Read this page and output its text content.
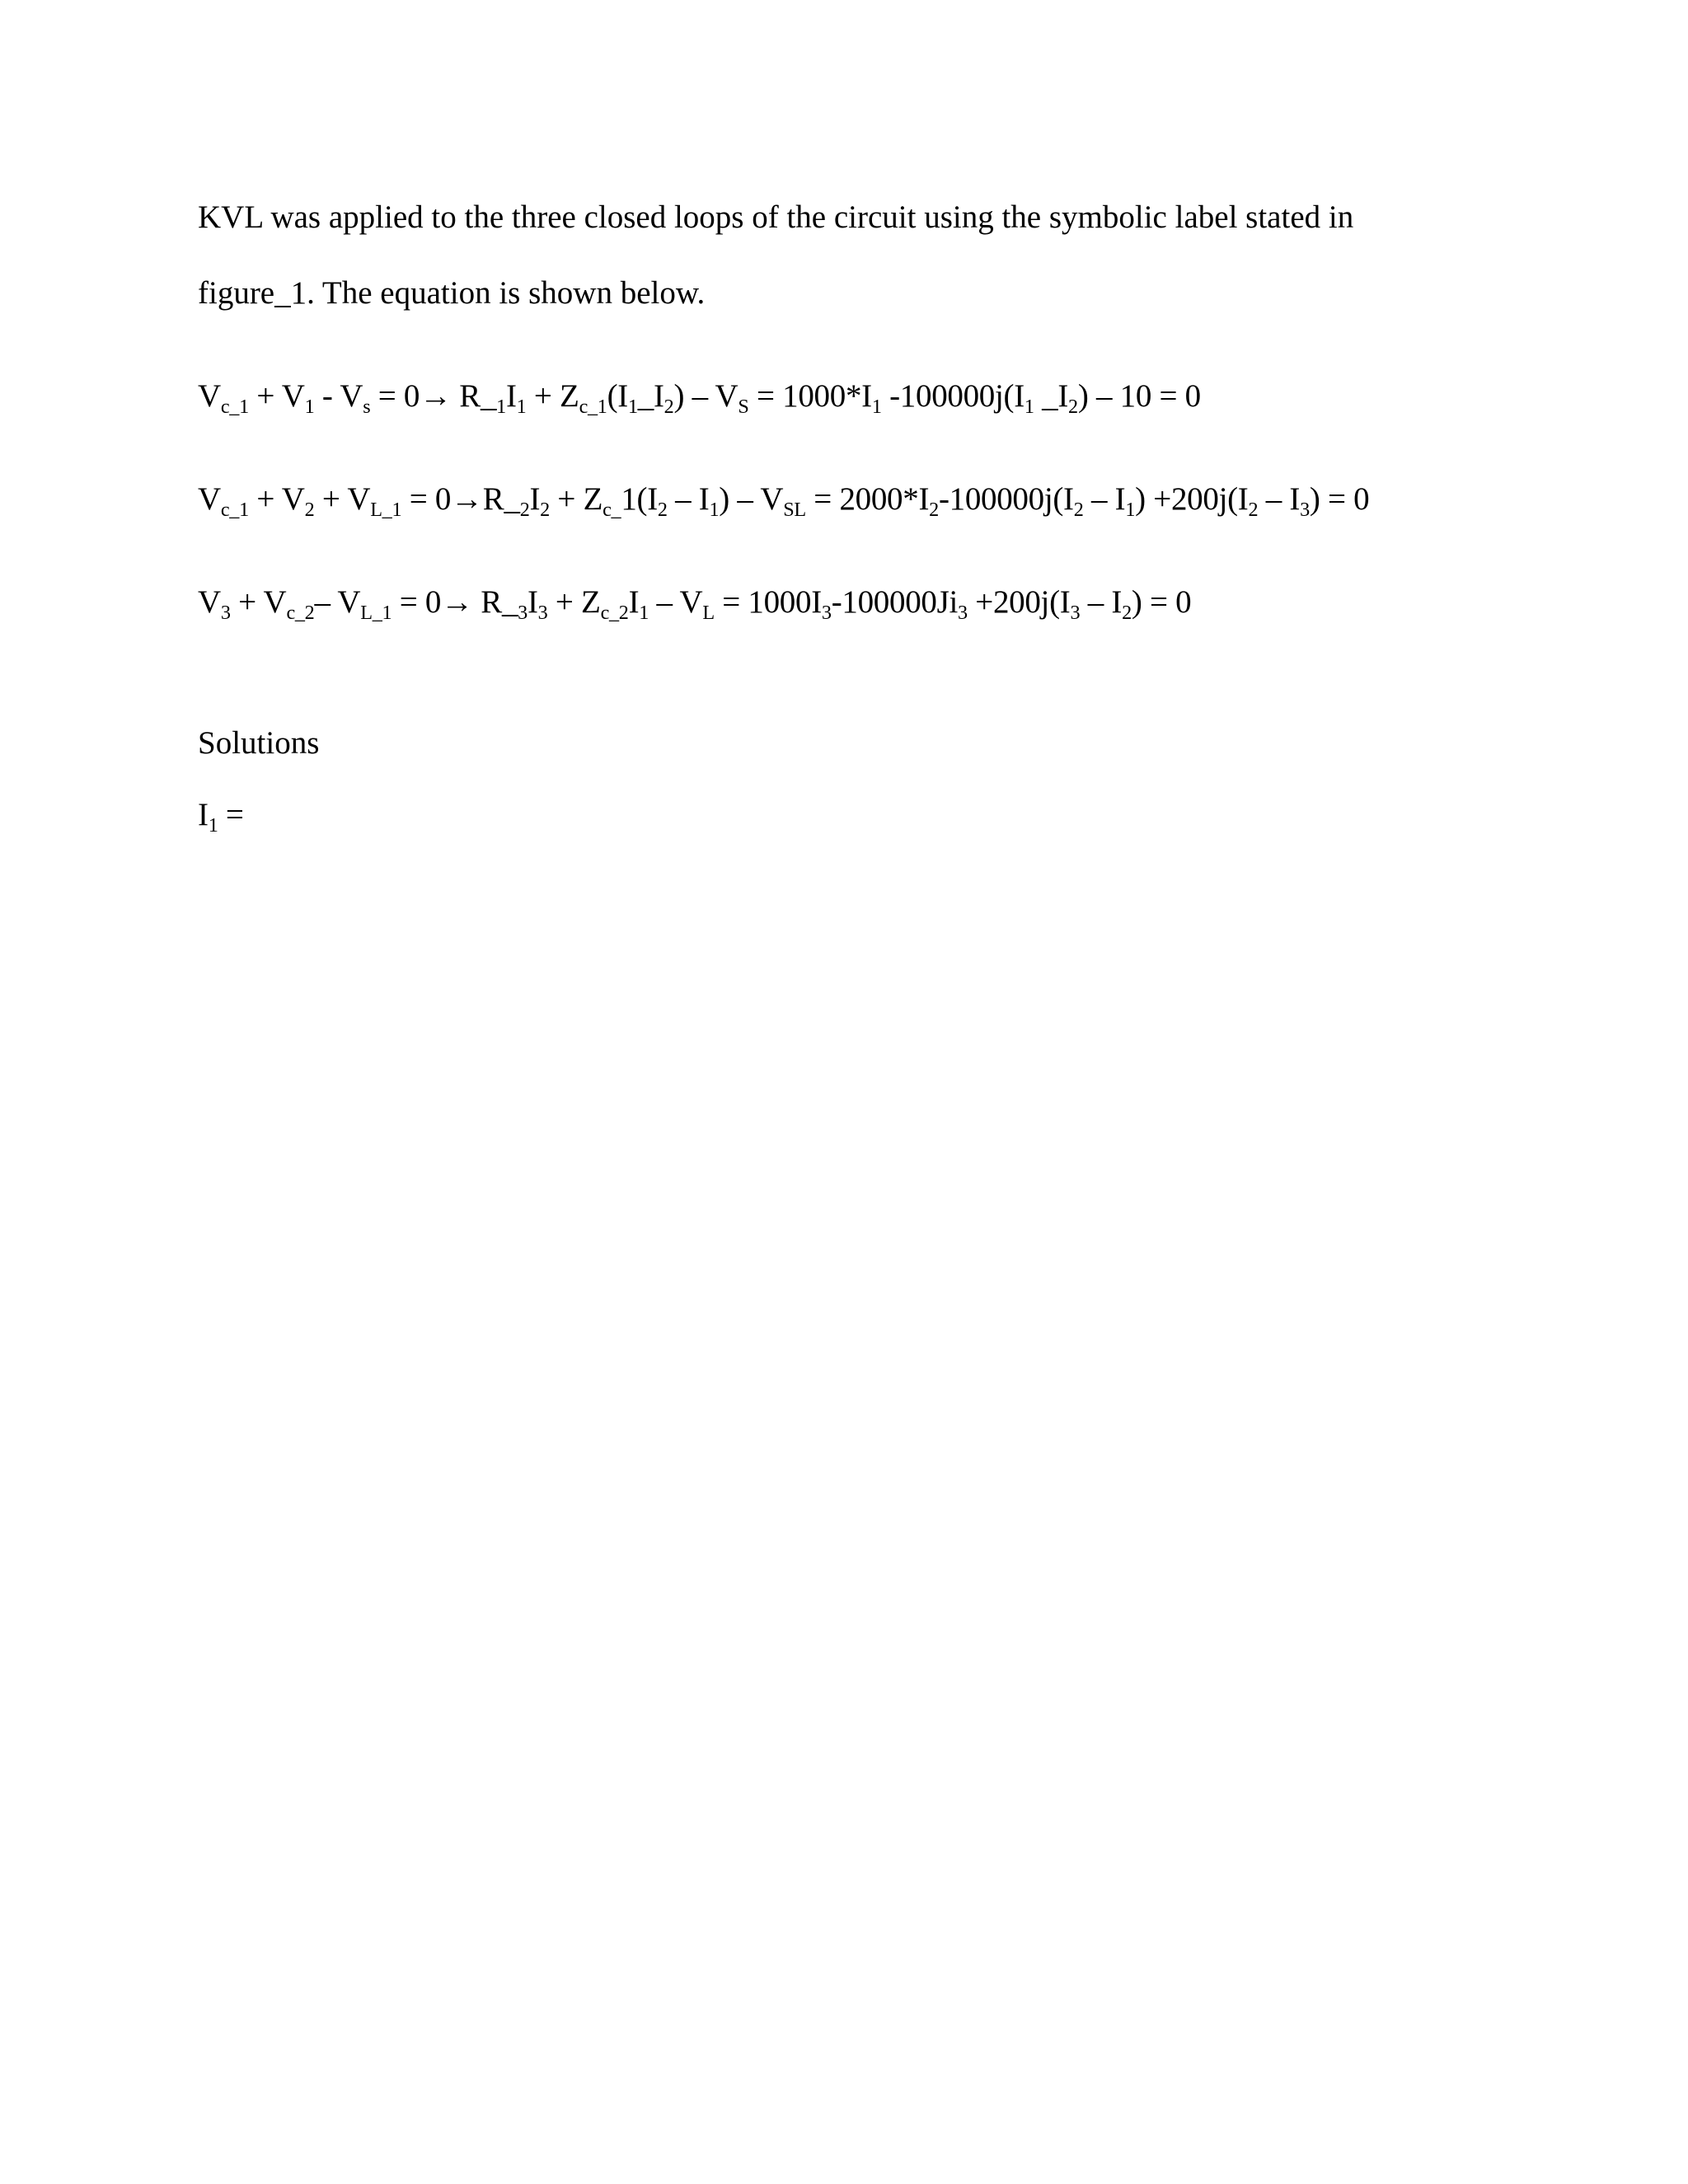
KVL was applied to the three closed loops of the circuit using the symbolic label stated in
figure_1. The equation is shown below.
$V_{c\_1} + V_1 - V_s = 0\to$ $R\__1I_1$ + $Z_{c\_1}(I_1\_I_2) - V_S = 1000*I_1$ $-100000j(I_1$ $\_I_2) - 10 = 0$
$V_{c\_1} + V_2 + V_{L\_1}$ = $0\to R\__2I_2 + Z_{c\_}1(I_2 - I_1) - V_{SL} = 2000*I_2-100000j(I_2 - I_1) +200j(I_2 - I_3) = 0$
$V_3 + V_{c\_2}-$ $V_{L\_1} = 0\to$ $R\__3I_3 + Z_{c\_2}I_1 - V_L = 1000I_3-100000Ji_3 +200j(I_3 - I_2) = 0$
Solutions
$I_1$ =
